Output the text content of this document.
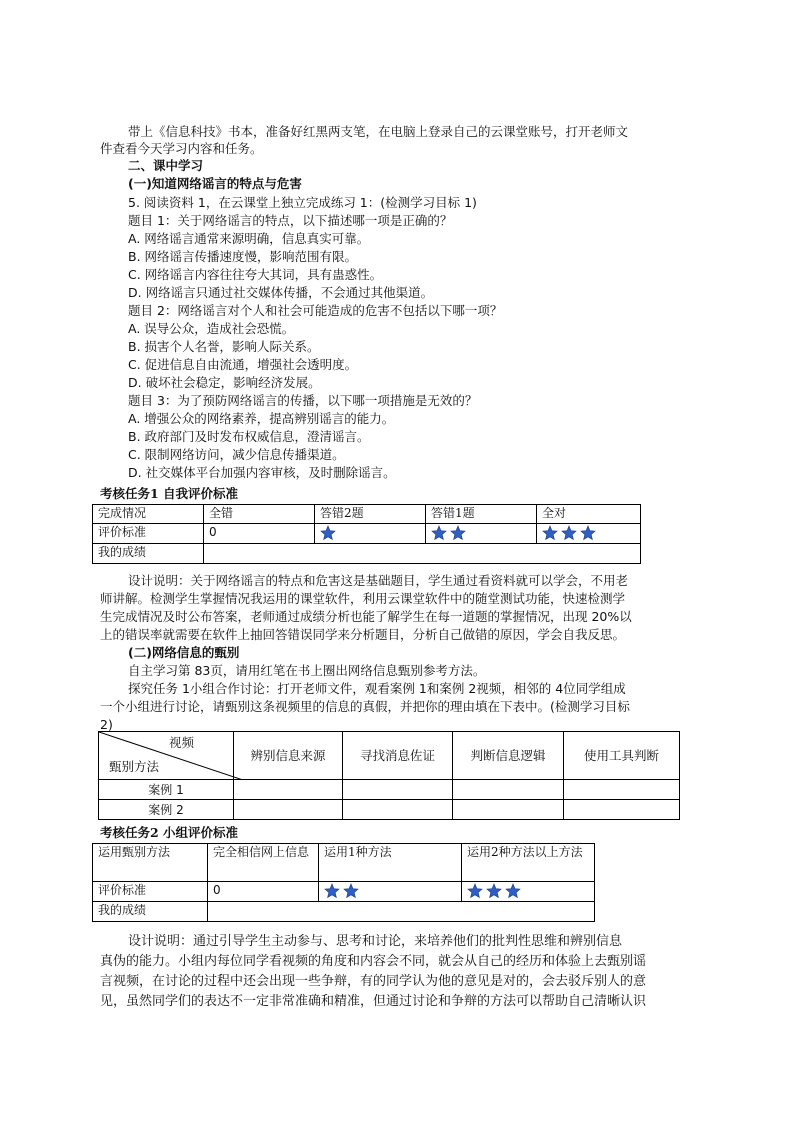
带上《信息科技》书本，准备好红黑两支笔，在电脑上登录自己的云课堂账号，打开老师文
件查看今天学习内容和任务。
二、课中学习
(一)知道网络谣言的特点与危害
5. 阅读资料 1，在云课堂上独立完成练习 1：(检测学习目标 1)
题目 1：关于网络谣言的特点，以下描述哪一项是正确的？
A. 网络谣言通常来源明确，信息真实可靠。
B. 网络谣言传播速度慢，影响范围有限。
C. 网络谣言内容往往夸大其词，具有蛊惑性。
D. 网络谣言只通过社交媒体传播，不会通过其他渠道。
题目 2：网络谣言对个人和社会可能造成的危害不包括以下哪一项？
A. 误导公众，造成社会恐慌。
B. 损害个人名誉，影响人际关系。
C. 促进信息自由流通，增强社会透明度。
D. 破坏社会稳定，影响经济发展。
题目 3：为了预防网络谣言的传播，以下哪一项措施是无效的？
A. 增强公众的网络素养，提高辨别谣言的能力。
B. 政府部门及时发布权威信息，澄清谣言。
C. 限制网络访问，减少信息传播渠道。
D. 社交媒体平台加强内容审核，及时删除谣言。
考核任务1 自我评价标准
完成情况	全错	答错2题	答错1题	全对
评价标准	0	

我的成绩				
设计说明：关于网络谣言的特点和危害这是基础题目，学生通过看资料就可以学会，不用老
师讲解。检测学生掌握情况我运用的课堂软件，利用云课堂软件中的随堂测试功能，快速检测学
生完成情况及时公布答案，老师通过成绩分析也能了解学生在每一道题的掌握情况，出现 20%以
上的错误率就需要在软件上抽回答错误同学来分析题目，分析自己做错的原因，学会自我反思。
(二)网络信息的甄别
自主学习第 83页，请用红笔在书上圈出网络信息甄别参考方法。
探究任务 1小组合作讨论：打开老师文件，观看案例 1和案例 2视频，相邻的 4位同学组成
一个小组进行讨论，请甄别这条视频里的信息的真假，并把你的理由填在下表中。(检测学习目标
2)
视频
甄别方法	辨别信息来源	寻找消息佐证	判断信息逻辑	使用工具判断
案例 1				
案例 2				
考核任务2 小组评价标准
运用甄别方法	完全相信网上信息	运用1种方法	运用2种方法以上方法
评价标准	0	

我的成绩			
设计说明：通过引导学生主动参与、思考和讨论，来培养他们的批判性思维和辨别信息
真伪的能力。小组内每位同学看视频的角度和内容会不同，就会从自己的经历和体验上去甄别谣
言视频，在讨论的过程中还会出现一些争辩，有的同学认为他的意见是对的，会去驳斥别人的意
见，虽然同学们的表达不一定非常准确和精准，但通过讨论和争辩的方法可以帮助自己清晰认识
